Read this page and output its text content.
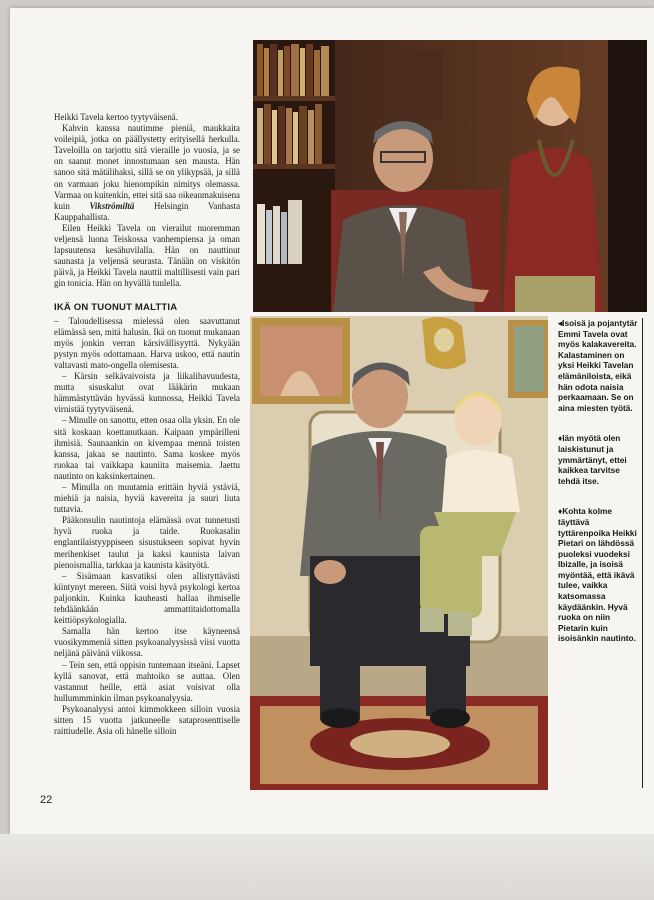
Heikki Tavela kertoo tyytyväisenä.

Kahvin kanssa nautimme pieniä, maukkaita voileipiä, jotka on päällystetty erityisellä herkulla. Taveloilla on tarjottu sitä vieraille jo vuosia, ja se on saanut monet innostumaan sen mausta. Hän sanoo sitä mätälihaksi, sillä se on ylikypsää, ja sillä on varmaan joku hienompikin nimitys olemassa. Varmaa on kuitenkin, ettei sitä saa oikeanmakuisena kuin Vikströmiltä Helsingin Vanhasta Kauppahallista.

Eilen Heikki Tavela on vierailut nuoremman veljensä luona Teiskossa vanhempiensa ja oman lapsuutensa kesähuvilalla. Hän on nauttinut saunasta ja veljensä seurasta. Tänään on viskitön päivä, ja Heikki Tavela nauttii maltillisesti vain pari gin tonicia. Hän on hyvällä tuulella.

IKÄ ON TUONUT MALTTIA

– Taloudellisessa mielessä olen saavuttanut elämässä sen, mitä halusin. Ikä on tuonut mukanaan myös jonkin verran kärsivällisyyttä. Nykyään pystyn myös odottamaan. Harva uskoo, että nautin valtavasti mato-ongella olemisesta.

– Kärsin selkävaivoista ja liikalihavuudesta, mutta sisuskalut ovat lääkärin mukaan hämmästyttävän hyvässä kunnossa, Heikki Tavela virnistää tyytyväisenä.

– Minulle on sanottu, etten osaa olla yksin. En ole sitä koskaan koettanutkaan. Kaipaan ympärilleni ihmisiä. Saunaankin on kivempaa mennä toisten kanssa, jakaa se nautinto. Sama koskee myös ruokaa tai vaikkapa kauniita maisemia. Jaettu nautinto on kaksinkertainen.

– Minulla on muutamia erittäin hyviä ystäviä, miehiä ja naisia, hyviä kavereita ja suuri liuta tuttavia.

Pääkonsulin nautintoja elämässä ovat tunnetusti hyvä ruoka ja taide. Ruokasalin englantilaistyyppiseen sisustukseen sopivat hyvin merihenkiset taulut ja kaksi kaunista laivan pienoismallia, tarkkaa ja kaunista käsityötä.

– Sisämaan kasvatiksi olen allistyttävästi kiintynyt mereen. Siitä voisi hyvä psykologi kertoa paljonkin. Kuinka kauheasti hallaa ihmiselle tehdäänkään ammattitaidottomalla keittiöpsykologialla.

Samalla hän kertoo itse käyneensä vuosikymmeniä sitten psykoanalyysissä viisi vuotta neljänä päivänä viikossa.

– Tein sen, että oppisin tuntemaan itseäni. Lapset kyllä sanovat, että mahtoiko se auttaa. Olen vastannut heille, että asiat voisivat olla hullummminkin ilman psykoanalyysia.

Psykoanalyysi antoi kimmokkeen silloin vuosia sitten 15 vuotta jatkuneelle sataprosenttiselle raittiudelle. Asia oli hänelle silloin

22

◂Isoisä ja pojantytär Emmi Tavela ovat myös kalakavereita. Kalastaminen on yksi Heikki Tavelan elämäniloista, eikä hän odota naisia perkaamaan. Se on ainа miesten työtä.

♦Iän myötä olen laiskistunut ja ymmärtänyt, ettei kaikkea tarvitse tehdä itse.

♦Kohta kolme täyttävä tyttärenpoika Heikki Pietari on lähdössä puoleksi vuodeksi Ibizalle, ja isoisä myöntää, että ikävä tulee, vaikka katsomassa käydäänkin. Hyvä ruoka on niin Pietarin kuin isoisänkin nautinto.
